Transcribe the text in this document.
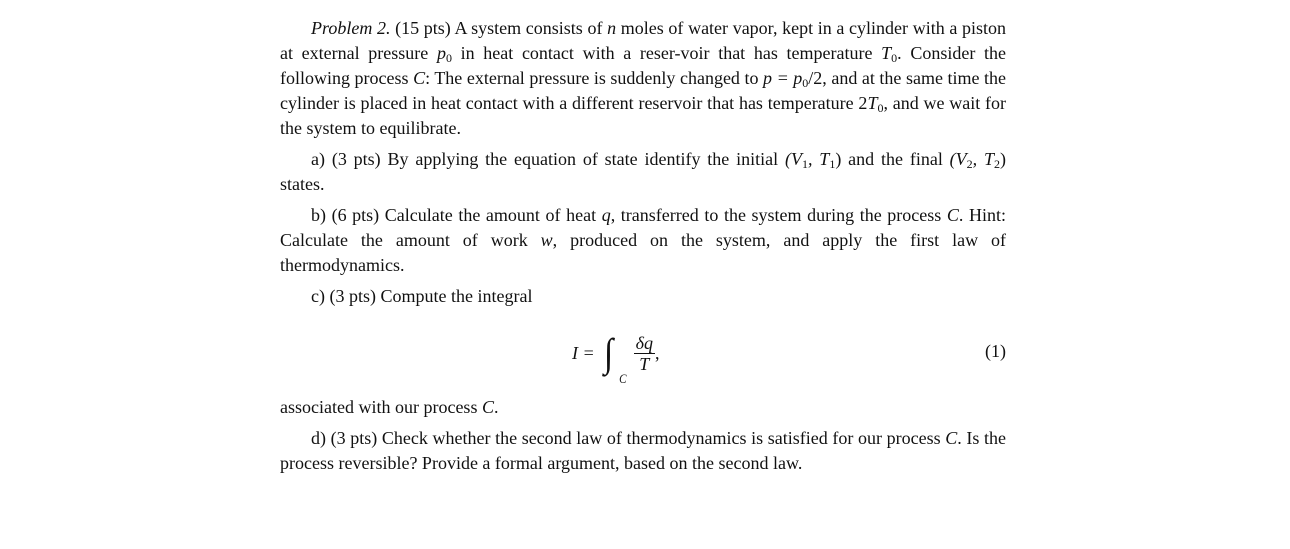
Problem 2. (15 pts) A system consists of n moles of water vapor, kept in a cylinder with a piston at external pressure $p_0$ in heat contact with a reser-voir that has temperature $T_0$. Consider the following process C: The external pressure is suddenly changed to $p = p_0/2$, and at the same time the cylinder is placed in heat contact with a different reservoir that has temperature $2T_0$, and we wait for the system to equilibrate.

a) (3 pts) By applying the equation of state identify the initial ($V_1$, $T_1$) and the final ($V_2$, $T_2$) states.

b) (6 pts) Calculate the amount of heat q, transferred to the system during the process C. Hint: Calculate the amount of work w, produced on the system, and apply the first law of thermodynamics.

c) (3 pts) Compute the integral

I = ∫
C
$\frac{\delta q}{T}$ ,	(1)

associated with our process C.

d) (3 pts) Check whether the second law of thermodynamics is satisfied for our process C. Is the process reversible? Provide a formal argument, based on the second law.
